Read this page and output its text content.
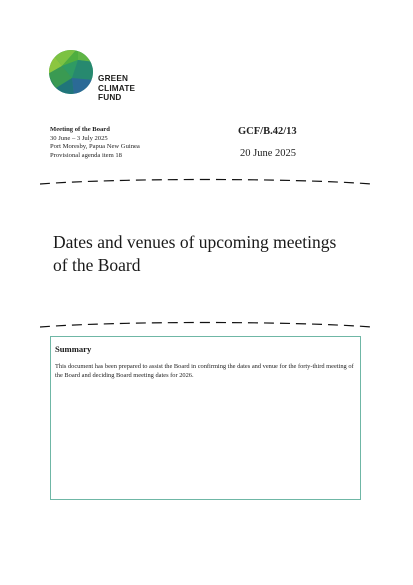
GREEN
CLIMATE
FUND
Meeting of the Board
30 June – 3 July 2025
Port Moresby, Papua New Guinea
Provisional agenda item 18
GCF/B.42/13
20 June 2025
Dates and venues of upcoming meetings of the Board
Summary
This document has been prepared to assist the Board in confirming the dates and venue for the forty-third meeting of the Board and deciding Board meeting dates for 2026.
